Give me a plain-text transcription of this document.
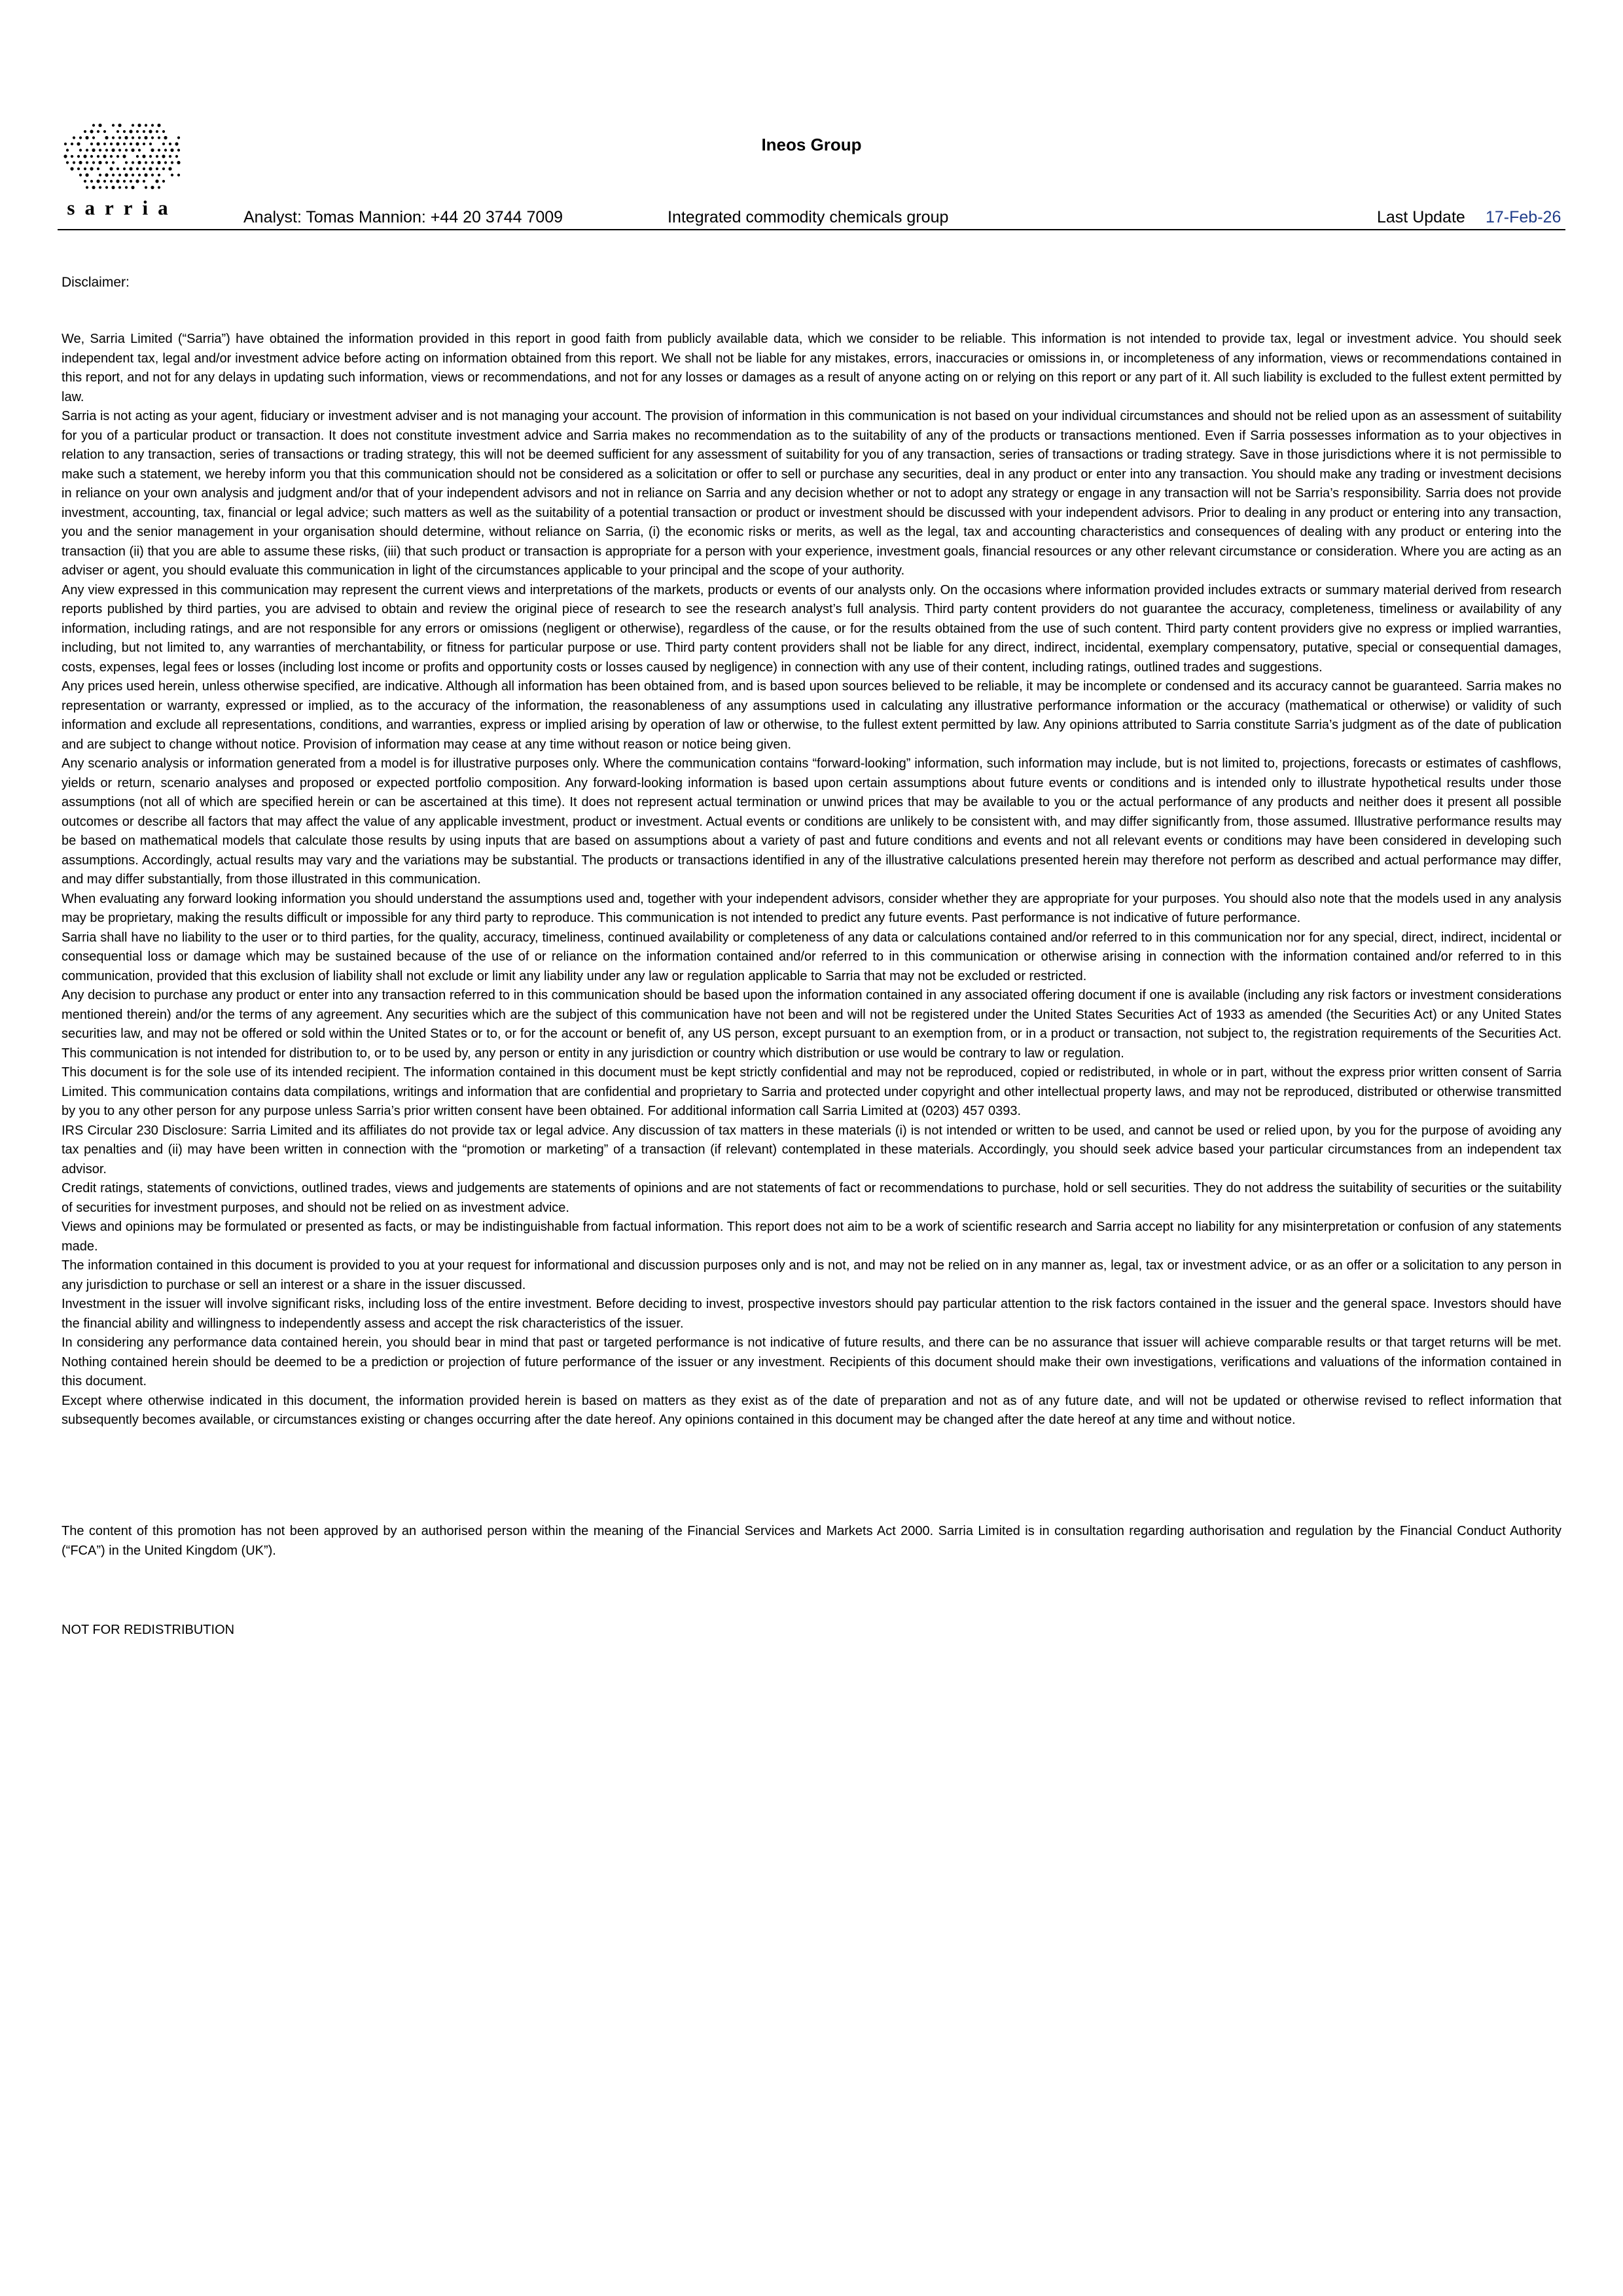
sarria
Ineos Group
Analyst: Tomas Mannion: +44 20 3744 7009	Integrated commodity chemicals group	Last Update 17-Feb-26
Disclaimer:

We, Sarria Limited (“Sarria”) have obtained the information provided in this report in good faith from publicly available data, which we consider to be reliable. This information is not intended to provide tax, legal or investment advice. You should seek independent tax, legal and/or investment advice before acting on information obtained from this report. We shall not be liable for any mistakes, errors, inaccuracies or omissions in, or incompleteness of any information, views or recommendations contained in this report, and not for any delays in updating such information, views or recommendations, and not for any losses or damages as a result of anyone acting on or relying on this report or any part of it. All such liability is excluded to the fullest extent permitted by law.

Sarria is not acting as your agent, fiduciary or investment adviser and is not managing your account. The provision of information in this communication is not based on your individual circumstances and should not be relied upon as an assessment of suitability for you of a particular product or transaction. It does not constitute investment advice and Sarria makes no recommendation as to the suitability of any of the products or transactions mentioned. Even if Sarria possesses information as to your objectives in relation to any transaction, series of transactions or trading strategy, this will not be deemed sufficient for any assessment of suitability for you of any transaction, series of transactions or trading strategy. Save in those jurisdictions where it is not permissible to make such a statement, we hereby inform you that this communication should not be considered as a solicitation or offer to sell or purchase any securities, deal in any product or enter into any transaction. You should make any trading or investment decisions in reliance on your own analysis and judgment and/or that of your independent advisors and not in reliance on Sarria and any decision whether or not to adopt any strategy or engage in any transaction will not be Sarria’s responsibility. Sarria does not provide investment, accounting, tax, financial or legal advice; such matters as well as the suitability of a potential transaction or product or investment should be discussed with your independent advisors. Prior to dealing in any product or entering into any transaction, you and the senior management in your organisation should determine, without reliance on Sarria, (i) the economic risks or merits, as well as the legal, tax and accounting characteristics and consequences of dealing with any product or entering into the transaction (ii) that you are able to assume these risks, (iii) that such product or transaction is appropriate for a person with your experience, investment goals, financial resources or any other relevant circumstance or consideration. Where you are acting as an adviser or agent, you should evaluate this communication in light of the circumstances applicable to your principal and the scope of your authority.

Any view expressed in this communication may represent the current views and interpretations of the markets, products or events of our analysts only. On the occasions where information provided includes extracts or summary material derived from research reports published by third parties, you are advised to obtain and review the original piece of research to see the research analyst’s full analysis. Third party content providers do not guarantee the accuracy, completeness, timeliness or availability of any information, including ratings, and are not responsible for any errors or omissions (negligent or otherwise), regardless of the cause, or for the results obtained from the use of such content. Third party content providers give no express or implied warranties, including, but not limited to, any warranties of merchantability, or fitness for particular purpose or use. Third party content providers shall not be liable for any direct, indirect, incidental, exemplary compensatory, putative, special or consequential damages, costs, expenses, legal fees or losses (including lost income or profits and opportunity costs or losses caused by negligence) in connection with any use of their content, including ratings, outlined trades and suggestions.

Any prices used herein, unless otherwise specified, are indicative. Although all information has been obtained from, and is based upon sources believed to be reliable, it may be incomplete or condensed and its accuracy cannot be guaranteed. Sarria makes no representation or warranty, expressed or implied, as to the accuracy of the information, the reasonableness of any assumptions used in calculating any illustrative performance information or the accuracy (mathematical or otherwise) or validity of such information and exclude all representations, conditions, and warranties, express or implied arising by operation of law or otherwise, to the fullest extent permitted by law. Any opinions attributed to Sarria constitute Sarria’s judgment as of the date of publication and are subject to change without notice. Provision of information may cease at any time without reason or notice being given.

Any scenario analysis or information generated from a model is for illustrative purposes only. Where the communication contains “forward-looking” information, such information may include, but is not limited to, projections, forecasts or estimates of cashflows, yields or return, scenario analyses and proposed or expected portfolio composition. Any forward-looking information is based upon certain assumptions about future events or conditions and is intended only to illustrate hypothetical results under those assumptions (not all of which are specified herein or can be ascertained at this time). It does not represent actual termination or unwind prices that may be available to you or the actual performance of any products and neither does it present all possible outcomes or describe all factors that may affect the value of any applicable investment, product or investment. Actual events or conditions are unlikely to be consistent with, and may differ significantly from, those assumed. Illustrative performance results may be based on mathematical models that calculate those results by using inputs that are based on assumptions about a variety of past and future conditions and events and not all relevant events or conditions may have been considered in developing such assumptions. Accordingly, actual results may vary and the variations may be substantial. The products or transactions identified in any of the illustrative calculations presented herein may therefore not perform as described and actual performance may differ, and may differ substantially, from those illustrated in this communication.

When evaluating any forward looking information you should understand the assumptions used and, together with your independent advisors, consider whether they are appropriate for your purposes. You should also note that the models used in any analysis may be proprietary, making the results difficult or impossible for any third party to reproduce. This communication is not intended to predict any future events. Past performance is not indicative of future performance.

Sarria shall have no liability to the user or to third parties, for the quality, accuracy, timeliness, continued availability or completeness of any data or calculations contained and/or referred to in this communication nor for any special, direct, indirect, incidental or consequential loss or damage which may be sustained because of the use of or reliance on the information contained and/or referred to in this communication or otherwise arising in connection with the information contained and/or referred to in this communication, provided that this exclusion of liability shall not exclude or limit any liability under any law or regulation applicable to Sarria that may not be excluded or restricted.

Any decision to purchase any product or enter into any transaction referred to in this communication should be based upon the information contained in any associated offering document if one is available (including any risk factors or investment considerations mentioned therein) and/or the terms of any agreement. Any securities which are the subject of this communication have not been and will not be registered under the United States Securities Act of 1933 as amended (the Securities Act) or any United States securities law, and may not be offered or sold within the United States or to, or for the account or benefit of, any US person, except pursuant to an exemption from, or in a product or transaction, not subject to, the registration requirements of the Securities Act. This communication is not intended for distribution to, or to be used by, any person or entity in any jurisdiction or country which distribution or use would be contrary to law or regulation.

This document is for the sole use of its intended recipient. The information contained in this document must be kept strictly confidential and may not be reproduced, copied or redistributed, in whole or in part, without the express prior written consent of Sarria Limited. This communication contains data compilations, writings and information that are confidential and proprietary to Sarria and protected under copyright and other intellectual property laws, and may not be reproduced, distributed or otherwise transmitted by you to any other person for any purpose unless Sarria’s prior written consent have been obtained. For additional information call Sarria Limited at (0203) 457 0393.

IRS Circular 230 Disclosure: Sarria Limited and its affiliates do not provide tax or legal advice. Any discussion of tax matters in these materials (i) is not intended or written to be used, and cannot be used or relied upon, by you for the purpose of avoiding any tax penalties and (ii) may have been written in connection with the “promotion or marketing” of a transaction (if relevant) contemplated in these materials. Accordingly, you should seek advice based your particular circumstances from an independent tax advisor.

Credit ratings, statements of convictions, outlined trades, views and judgements are statements of opinions and are not statements of fact or recommendations to purchase, hold or sell securities. They do not address the suitability of securities or the suitability of securities for investment purposes, and should not be relied on as investment advice.

Views and opinions may be formulated or presented as facts, or may be indistinguishable from factual information. This report does not aim to be a work of scientific research and Sarria accept no liability for any misinterpretation or confusion of any statements made.

The information contained in this document is provided to you at your request for informational and discussion purposes only and is not, and may not be relied on in any manner as, legal, tax or investment advice, or as an offer or a solicitation to any person in any jurisdiction to purchase or sell an interest or a share in the issuer discussed.

Investment in the issuer will involve significant risks, including loss of the entire investment. Before deciding to invest, prospective investors should pay particular attention to the risk factors contained in the issuer and the general space. Investors should have the financial ability and willingness to independently assess and accept the risk characteristics of the issuer.

In considering any performance data contained herein, you should bear in mind that past or targeted performance is not indicative of future results, and there can be no assurance that issuer will achieve comparable results or that target returns will be met. Nothing contained herein should be deemed to be a prediction or projection of future performance of the issuer or any investment. Recipients of this document should make their own investigations, verifications and valuations of the information contained in this document.

Except where otherwise indicated in this document, the information provided herein is based on matters as they exist as of the date of preparation and not as of any future date, and will not be updated or otherwise revised to reflect information that subsequently becomes available, or circumstances existing or changes occurring after the date hereof. Any opinions contained in this document may be changed after the date hereof at any time and without notice.

The content of this promotion has not been approved by an authorised person within the meaning of the Financial Services and Markets Act 2000. Sarria Limited is in consultation regarding authorisation and regulation by the Financial Conduct Authority (“FCA”) in the United Kingdom (UK”).
NOT FOR REDISTRIBUTION
